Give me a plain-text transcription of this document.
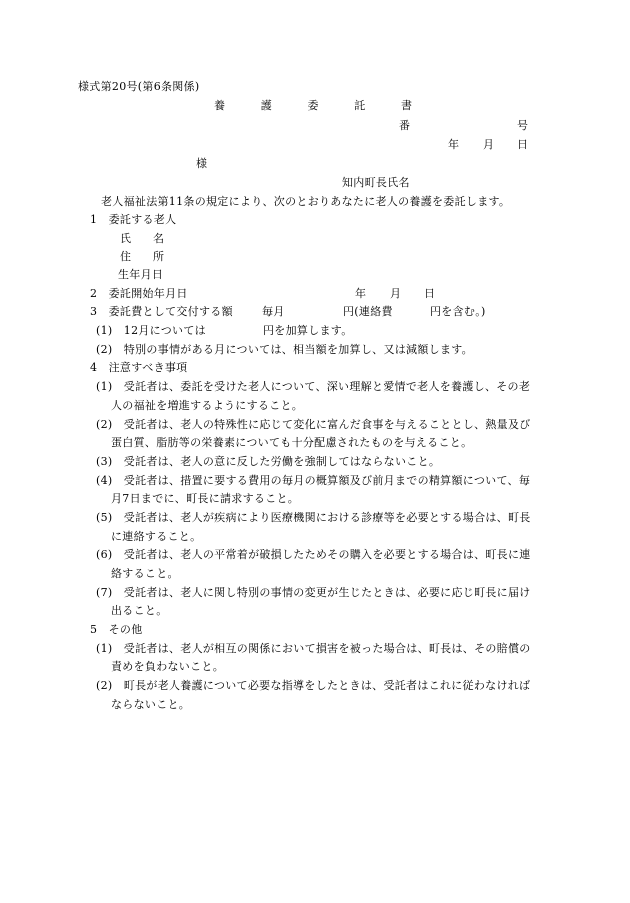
様式第20号(第6条関係)
養	護	委	託	書
番	号
年 月 日
様
知内町長氏名
老人福祉法第11条の規定により、次のとおりあなたに老人の養護を委託します。
1　委託する老人
氏 名
住 所
生年月日
2　委託開始年月日	年 月 日
3　委託費として交付する額	毎月	円(連絡費	円を含む。)
(1)　12月については	円を加算します。
(2)　特別の事情がある月については、相当額を加算し、又は減額します。
4　注意すべき事項
(1)　受託者は、委託を受けた老人について、深い理解と愛情で老人を養護し、その老
人の福祉を増進するようにすること。
(2)　受託者は、老人の特殊性に応じて変化に富んだ食事を与えることとし、熱量及び
蛋白質、脂肪等の栄養素についても十分配慮されたものを与えること。
(3)　受託者は、老人の意に反した労働を強制してはならないこと。
(4)　受託者は、措置に要する費用の毎月の概算額及び前月までの精算額について、毎
月7日までに、町長に請求すること。
(5)　受託者は、老人が疾病により医療機関における診療等を必要とする場合は、町長
に連絡すること。
(6)　受託者は、老人の平常着が破損したためその購入を必要とする場合は、町長に連
絡すること。
(7)　受託者は、老人に関し特別の事情の変更が生じたときは、必要に応じ町長に届け
出ること。
5　その他
(1)　受託者は、老人が相互の関係において損害を被った場合は、町長は、その賠償の
責めを負わないこと。
(2)　町長が老人養護について必要な指導をしたときは、受託者はこれに従わなければ
ならないこと。
